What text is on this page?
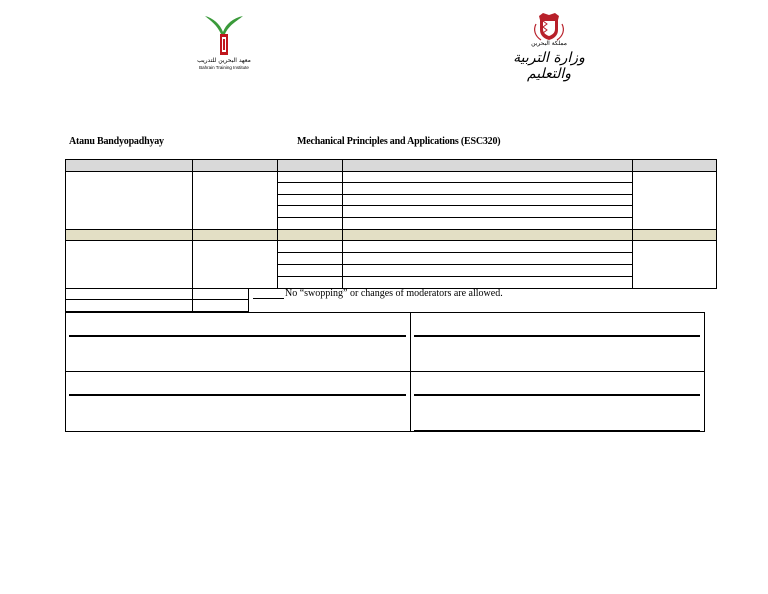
معهد البحرين للتدريب
Bahrain Training Institute
مملكة البحرين
وزارة التربية والتعليم
Atanu Bandyopadhyay	Mechanical Principles and Applications (ESC320)
No “swopping” or changes of moderators are allowed.
